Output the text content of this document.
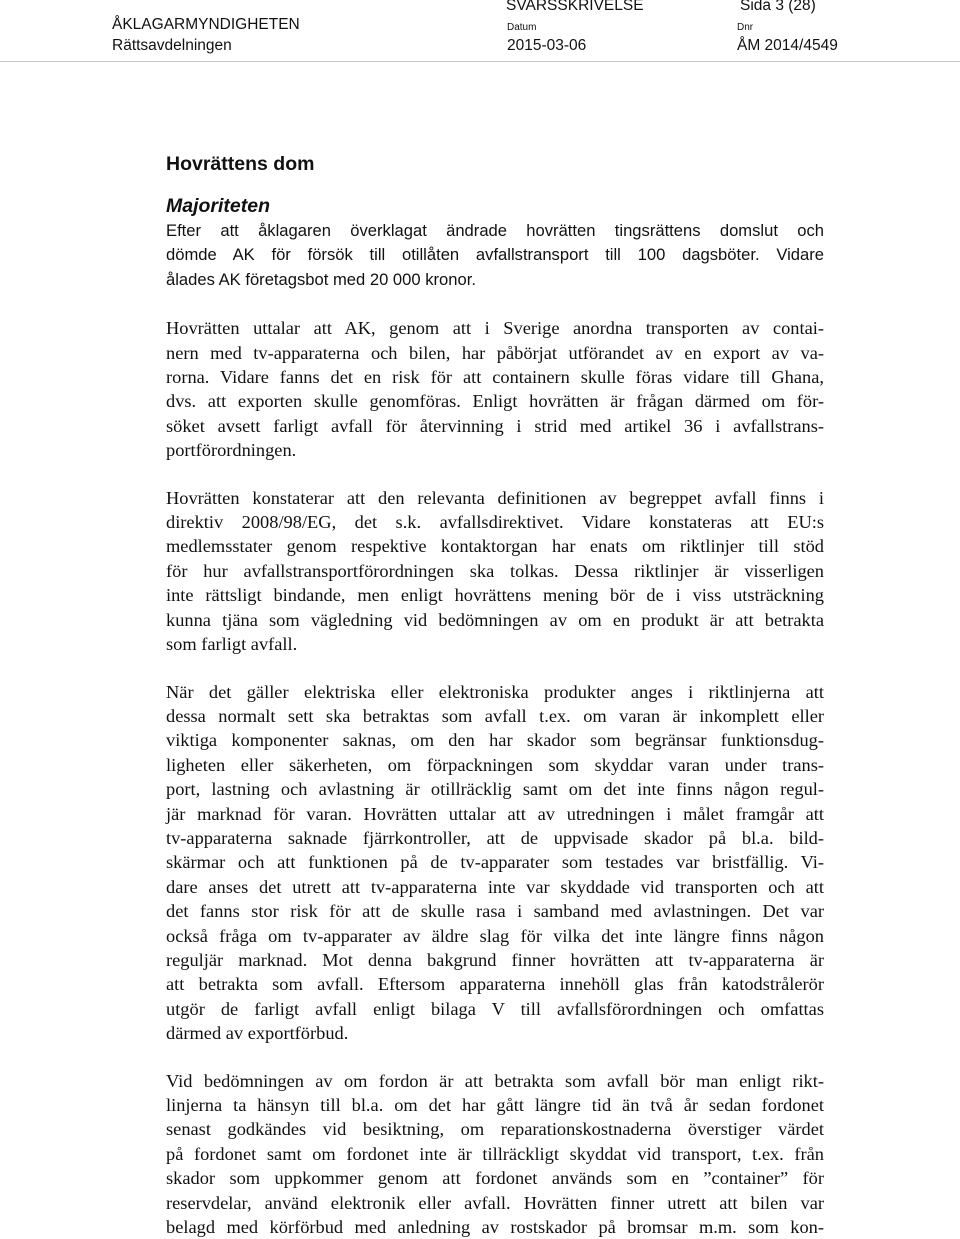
ÅKLAGARMYNDIGHETEN
Rättsavdelningen
SVARSSKRIVELSE
Datum
2015-03-06
Dnr
ÅM 2014/4549
Sida 3 (28)
Hovrättens dom
Majoriteten
Efter att åklagaren överklagat ändrade hovrätten tingsrättens domslut och
dömde AK för försök till otillåten avfallstransport till 100 dagsböter. Vidare
ålades AK företagsbot med 20 000 kronor.
Hovrätten uttalar att AK, genom att i Sverige anordna transporten av contai-
nern med tv-apparaterna och bilen, har påbörjat utförandet av en export av va-
rorna. Vidare fanns det en risk för att containern skulle föras vidare till Ghana,
dvs. att exporten skulle genomföras. Enligt hovrätten är frågan därmed om för-
söket avsett farligt avfall för återvinning i strid med artikel 36 i avfallstrans-
portförordningen.
Hovrätten konstaterar att den relevanta definitionen av begreppet avfall finns i
direktiv 2008/98/EG, det s.k. avfallsdirektivet. Vidare konstateras att EU:s
medlemsstater genom respektive kontaktorgan har enats om riktlinjer till stöd
för hur avfallstransportförordningen ska tolkas. Dessa riktlinjer är visserligen
inte rättsligt bindande, men enligt hovrättens mening bör de i viss utsträckning
kunna tjäna som vägledning vid bedömningen av om en produkt är att betrakta
som farligt avfall.
När det gäller elektriska eller elektroniska produkter anges i riktlinjerna att
dessa normalt sett ska betraktas som avfall t.ex. om varan är inkomplett eller
viktiga komponenter saknas, om den har skador som begränsar funktionsdug-
ligheten eller säkerheten, om förpackningen som skyddar varan under trans-
port, lastning och avlastning är otillräcklig samt om det inte finns någon regul-
jär marknad för varan. Hovrätten uttalar att av utredningen i målet framgår att
tv-apparaterna saknade fjärrkontroller, att de uppvisade skador på bl.a. bild-
skärmar och att funktionen på de tv-apparater som testades var bristfällig. Vi-
dare anses det utrett att tv-apparaterna inte var skyddade vid transporten och att
det fanns stor risk för att de skulle rasa i samband med avlastningen. Det var
också fråga om tv-apparater av äldre slag för vilka det inte längre finns någon
reguljär marknad. Mot denna bakgrund finner hovrätten att tv-apparaterna är
att betrakta som avfall. Eftersom apparaterna innehöll glas från katodstrålerör
utgör de farligt avfall enligt bilaga V till avfallsförordningen och omfattas
därmed av exportförbud.
Vid bedömningen av om fordon är att betrakta som avfall bör man enligt rikt-
linjerna ta hänsyn till bl.a. om det har gått längre tid än två år sedan fordonet
senast godkändes vid besiktning, om reparationskostnaderna överstiger värdet
på fordonet samt om fordonet inte är tillräckligt skyddat vid transport, t.ex. från
skador som uppkommer genom att fordonet används som en ”container” för
reservdelar, använd elektronik eller avfall. Hovrätten finner utrett att bilen var
belagd med körförbud med anledning av rostskador på bromsar m.m. som kon-
